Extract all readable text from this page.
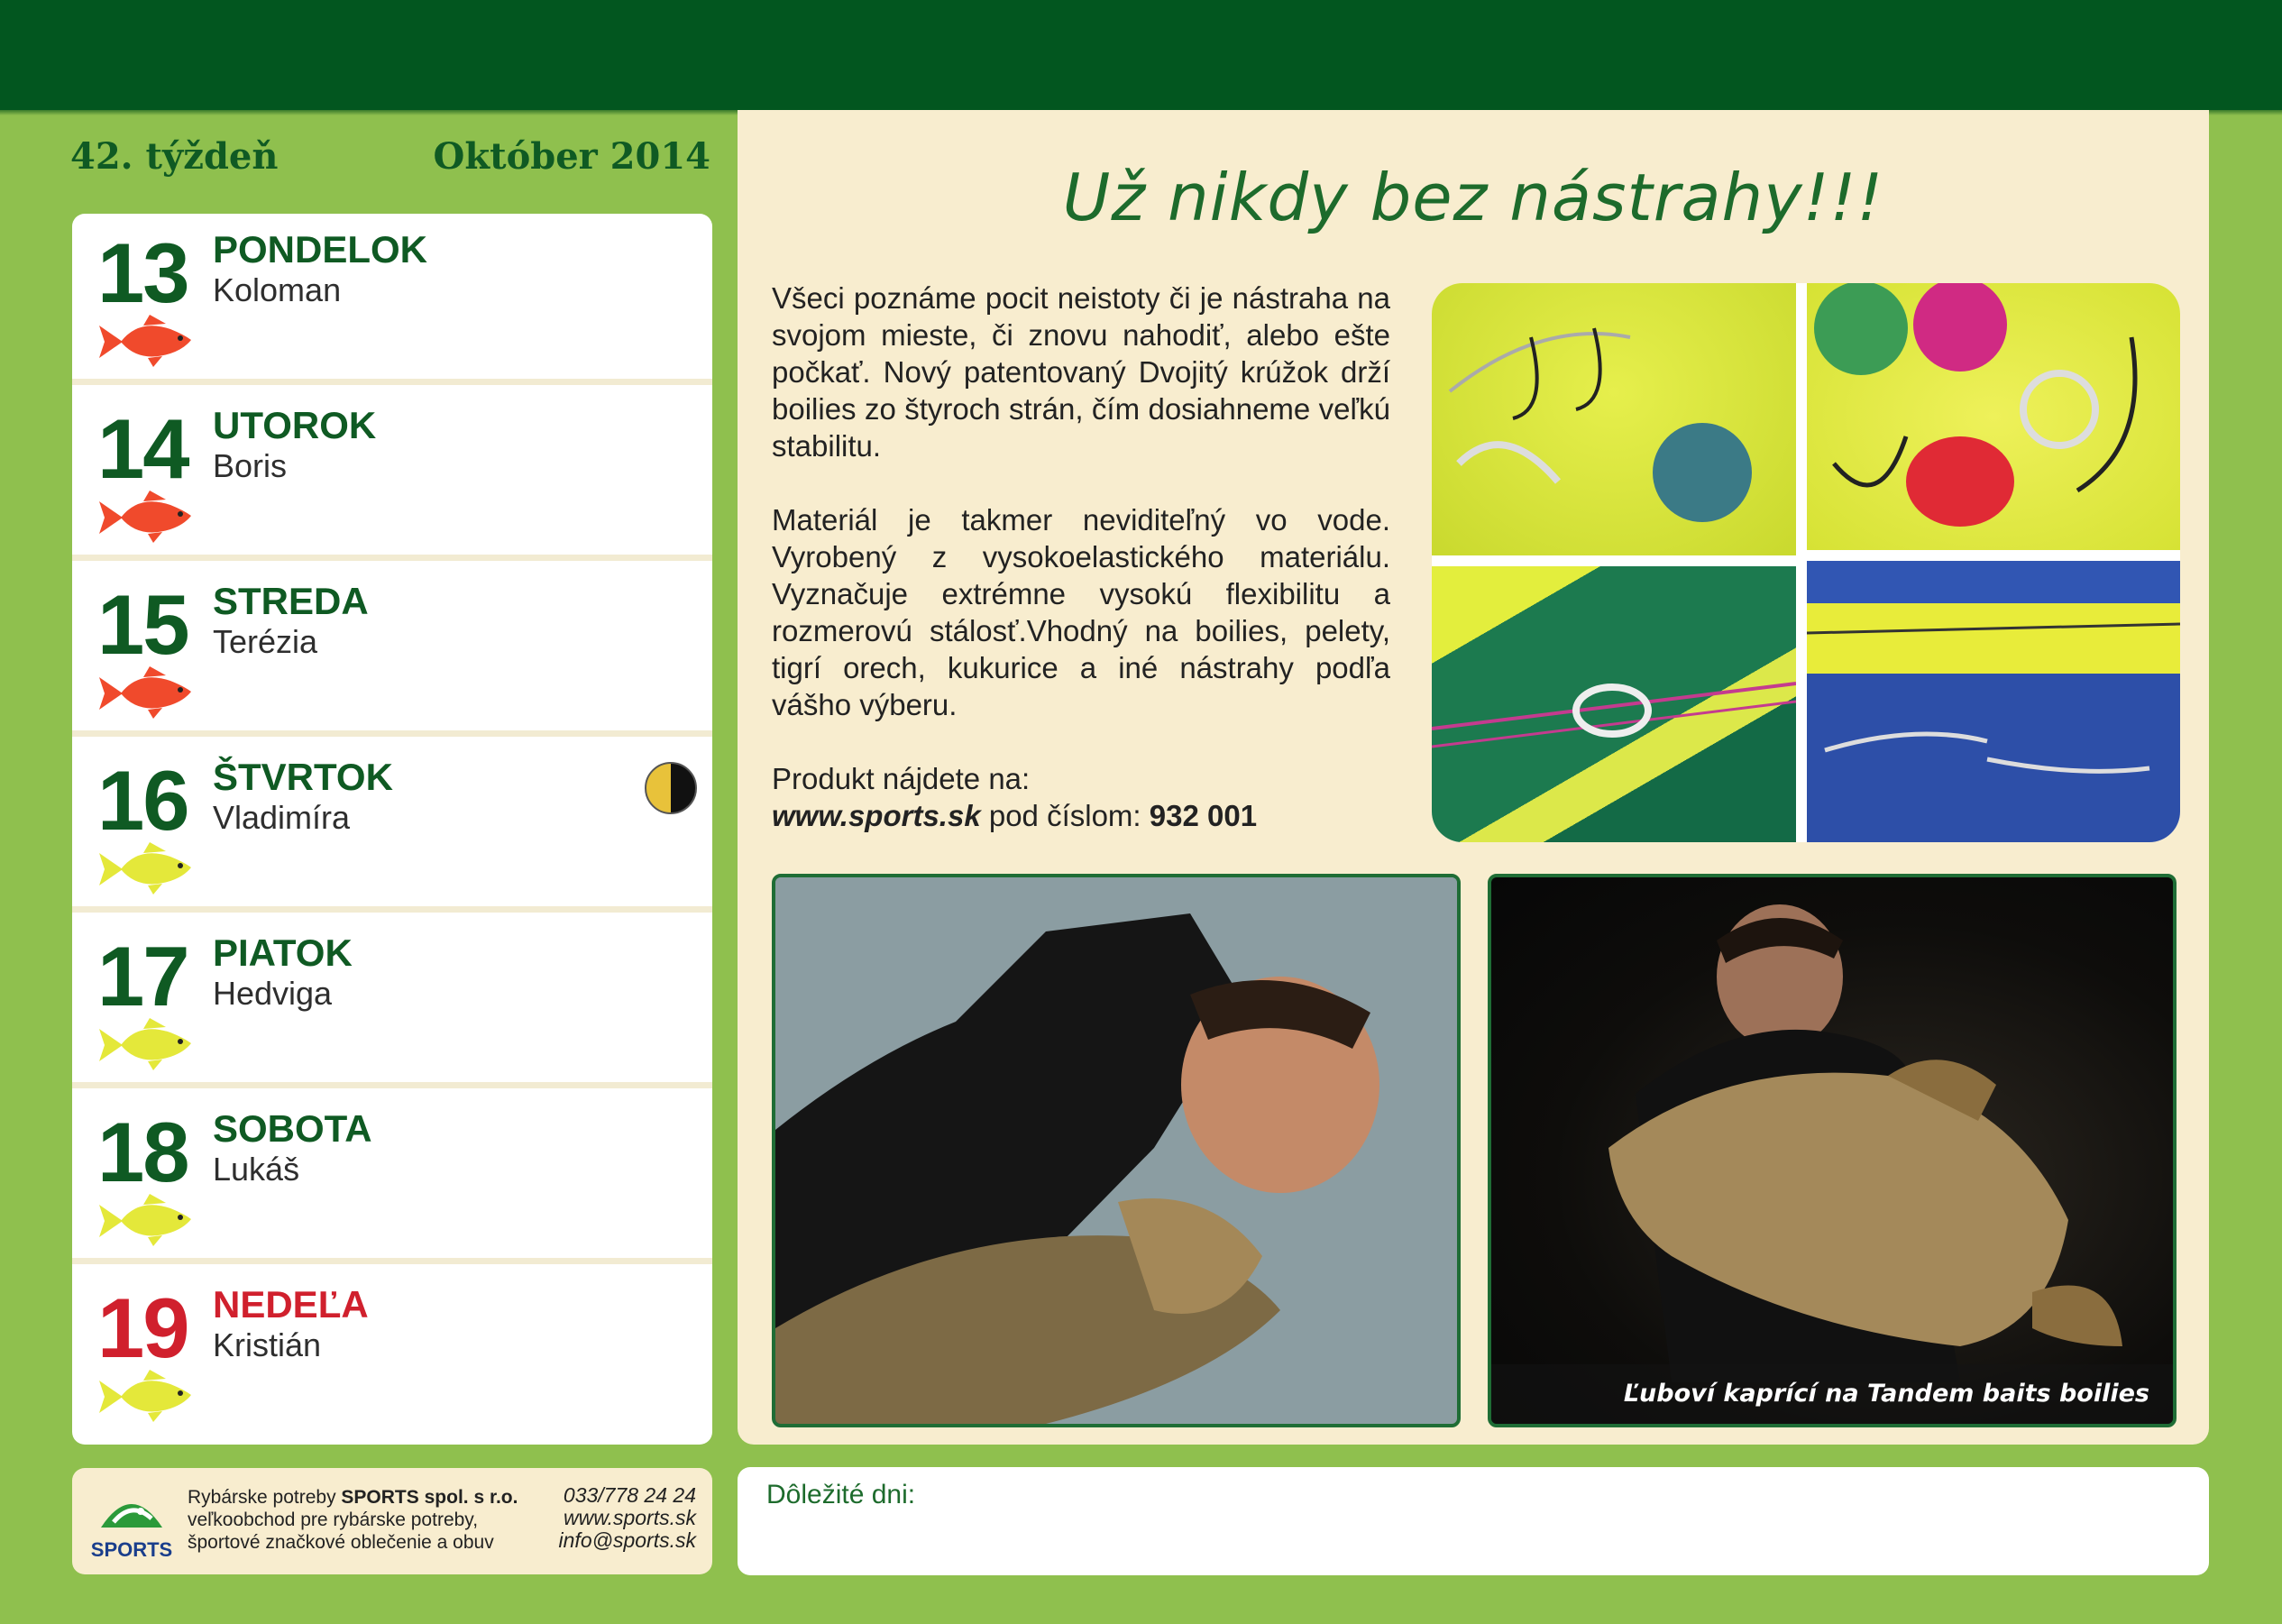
42. týždeň	Október 2014
13 PONDELOK
Koloman
14 UTOROK
Boris
15 STREDA
Terézia
16 ŠTVRTOK
Vladimíra
17 PIATOK
Hedviga
18 SOBOTA
Lukáš
19 NEDEĽA
Kristián
Už nikdy bez nástrahy!!!

Všeci poznáme pocit neistoty či je nástraha na svojom mieste, či znovu nahodiť, alebo ešte počkať. Nový patentovaný Dvojitý krúžok drží boilies zo štyroch strán, čím dosiahneme veľkú stabilitu.

Materiál je takmer neviditeľný vo vode. Vyrobený z vysokoelastického materiálu. Vyznačuje extrémne vysokú flexibilitu a rozmerovú stálosť.Vhodný na boilies, pelety, tigrí orech, kukurice a iné nástrahy podľa vášho výberu.

Produkt nájdete na:
www.sports.sk pod číslom: 932 001
Ľuboví kaprící na Tandem baits boilies
SPORTS
Rybárske potreby SPORTS spol. s r.o.
veľkoobchod pre rybárske potreby,
športové značkové oblečenie a obuv
033/778 24 24
www.sports.sk
info@sports.sk
Dôležité dni:
